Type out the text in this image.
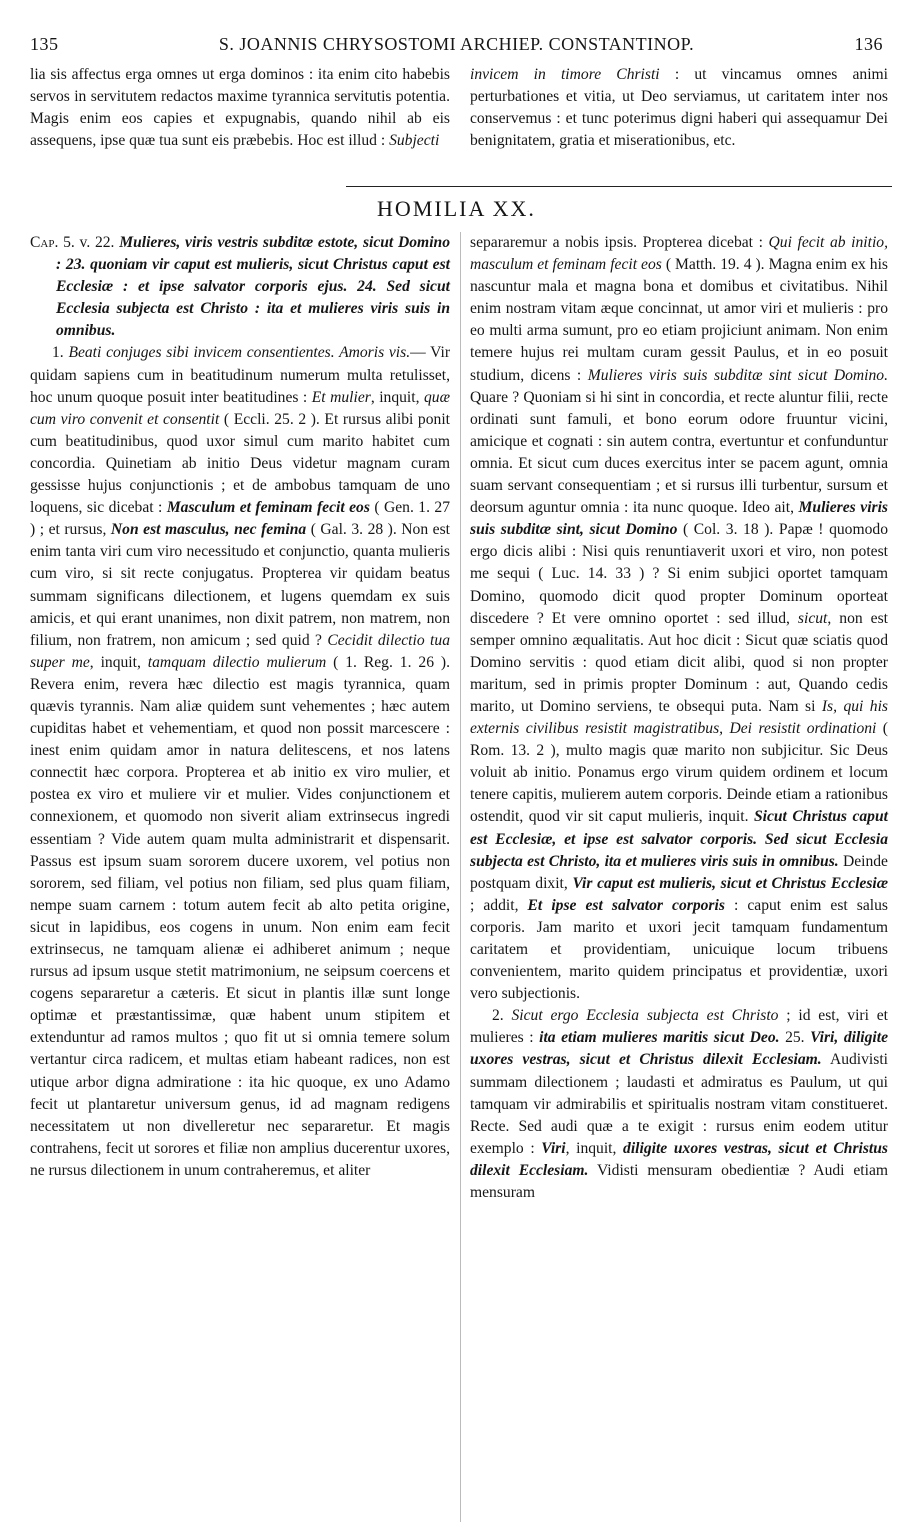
135	S. JOANNIS CHRYSOSTOMI ARCHIEP. CONSTANTINOP.	136

lia sis affectus erga omnes ut erga dominos : ita enim cito habebis servos in servitutem redactos maxime tyrannica servitutis potentia. Magis enim eos capies et expugnabis, quando nihil ab eis assequens, ipse quæ tua sunt eis præbebis. Hoc est illud : Subjecti

invicem in timore Christi : ut vincamus omnes animi perturbationes et vitia, ut Deo serviamus, ut caritatem inter nos conservemus : et tunc poterimus digni haberi qui assequamur Dei benignitatem, gratia et miserationibus, etc.

HOMILIA XX.

Cap. 5. v. 22. Mulieres, viris vestris subditæ estote, sicut Domino : 23. quoniam vir caput est mulieris, sicut Christus caput est Ecclesiæ : et ipse salvator corporis ejus. 24. Sed sicut Ecclesia subjecta est Christo : ita et mulieres viris suis in omnibus.

1. Beati conjuges sibi invicem consentientes. Amoris vis.— Vir quidam sapiens cum in beatitudinum numerum multa retulisset, hoc unum quoque posuit inter beatitudines : Et mulier, inquit, quæ cum viro convenit et consentit ( Eccli. 25. 2 ). Et rursus alibi ponit cum beatitudinibus, quod uxor simul cum marito habitet cum concordia. Quinetiam ab initio Deus videtur magnam curam gessisse hujus conjunctionis ; et de ambobus tamquam de uno loquens, sic dicebat : Masculum et feminam fecit eos ( Gen. 1. 27 ) ; et rursus, Non est masculus, nec femina ( Gal. 3. 28 ). Non est enim tanta viri cum viro necessitudo et conjunctio, quanta mulieris cum viro, si sit recte conjugatus. Propterea vir quidam beatus summam significans dilectionem, et lugens quemdam ex suis amicis, et qui erant unanimes, non dixit patrem, non matrem, non filium, non fratrem, non amicum ; sed quid ? Cecidit dilectio tua super me, inquit, tamquam dilectio mulierum ( 1. Reg. 1. 26 ). Revera enim, revera hæc dilectio est magis tyrannica, quam quævis tyrannis. Nam aliæ quidem sunt vehementes ; hæc autem cupiditas habet et vehementiam, et quod non possit marcescere : inest enim quidam amor in natura delitescens, et nos latens connectit hæc corpora. Propterea et ab initio ex viro mulier, et postea ex viro et muliere vir et mulier. Vides conjunctionem et connexionem, et quomodo non siverit aliam extrinsecus ingredi essentiam ? Vide autem quam multa administrarit et dispensarit. Passus est ipsum suam sororem ducere uxorem, vel potius non sororem, sed filiam, vel potius non filiam, sed plus quam filiam, nempe suam carnem : totum autem fecit ab alto petita origine, sicut in lapidibus, eos cogens in unum. Non enim eam fecit extrinsecus, ne tamquam alienæ ei adhiberet animum ; neque rursus ad ipsum usque stetit matrimonium, ne seipsum coercens et cogens separaretur a cæteris. Et sicut in plantis illæ sunt longe optimæ et præstantissimæ, quæ habent unum stipitem et extenduntur ad ramos multos ; quo fit ut si omnia temere solum vertantur circa radicem, et multas etiam habeant radices, non est utique arbor digna admiratione : ita hic quoque, ex uno Adamo fecit ut plantaretur universum genus, id ad magnam redigens necessitatem ut non divelleretur nec separaretur. Et magis contrahens, fecit ut sorores et filiæ non amplius ducerentur uxores, ne rursus dilectionem in unum contraheremus, et aliter

separaremur a nobis ipsis. Propterea dicebat : Qui fecit ab initio, masculum et feminam fecit eos ( Matth. 19. 4 ). Magna enim ex his nascuntur mala et magna bona et domibus et civitatibus. Nihil enim nostram vitam æque concinnat, ut amor viri et mulieris : pro eo multi arma sumunt, pro eo etiam projiciunt animam. Non enim temere hujus rei multam curam gessit Paulus, et in eo posuit studium, dicens : Mulieres viris suis subditæ sint sicut Domino. Quare ? Quoniam si hi sint in concordia, et recte aluntur filii, recte ordinati sunt famuli, et bono eorum odore fruuntur vicini, amicique et cognati : sin autem contra, evertuntur et confunduntur omnia. Et sicut cum duces exercitus inter se pacem agunt, omnia suam servant consequentiam ; et si rursus illi turbentur, sursum et deorsum aguntur omnia : ita nunc quoque. Ideo ait, Mulieres viris suis subditæ sint, sicut Domino ( Col. 3. 18 ). Papæ ! quomodo ergo dicis alibi : Nisi quis renuntiaverit uxori et viro, non potest me sequi ( Luc. 14. 33 ) ? Si enim subjici oportet tamquam Domino, quomodo dicit quod propter Dominum oporteat discedere ? Et vere omnino oportet : sed illud, sicut, non est semper omnino æqualitatis. Aut hoc dicit : Sicut quæ sciatis quod Domino servitis : quod etiam dicit alibi, quod si non propter maritum, sed in primis propter Dominum : aut, Quando cedis marito, ut Domino serviens, te obsequi puta. Nam si Is, qui his externis civilibus resistit magistratibus, Dei resistit ordinationi ( Rom. 13. 2 ), multo magis quæ marito non subjicitur. Sic Deus voluit ab initio. Ponamus ergo virum quidem ordinem et locum tenere capitis, mulierem autem corporis. Deinde etiam a rationibus ostendit, quod vir sit caput mulieris, inquit. Sicut Christus caput est Ecclesiæ, et ipse est salvator corporis. Sed sicut Ecclesia subjecta est Christo, ita et mulieres viris suis in omnibus. Deinde postquam dixit, Vir caput est mulieris, sicut et Christus Ecclesiæ ; addit, Et ipse est salvator corporis : caput enim est salus corporis. Jam marito et uxori jecit tamquam fundamentum caritatem et providentiam, unicuique locum tribuens convenientem, marito quidem principatus et providentiæ, uxori vero subjectionis.

2. Sicut ergo Ecclesia subjecta est Christo ; id est, viri et mulieres : ita etiam mulieres maritis sicut Deo. 25. Viri, diligite uxores vestras, sicut et Christus dilexit Ecclesiam. Audivisti summam dilectionem ; laudasti et admiratus es Paulum, ut qui tamquam vir admirabilis et spiritualis nostram vitam constitueret. Recte. Sed audi quæ a te exigit : rursus enim eodem utitur exemplo : Viri, inquit, diligite uxores vestras, sicut et Christus dilexit Ecclesiam. Vidisti mensuram obedientiæ ? Audi etiam mensuram
